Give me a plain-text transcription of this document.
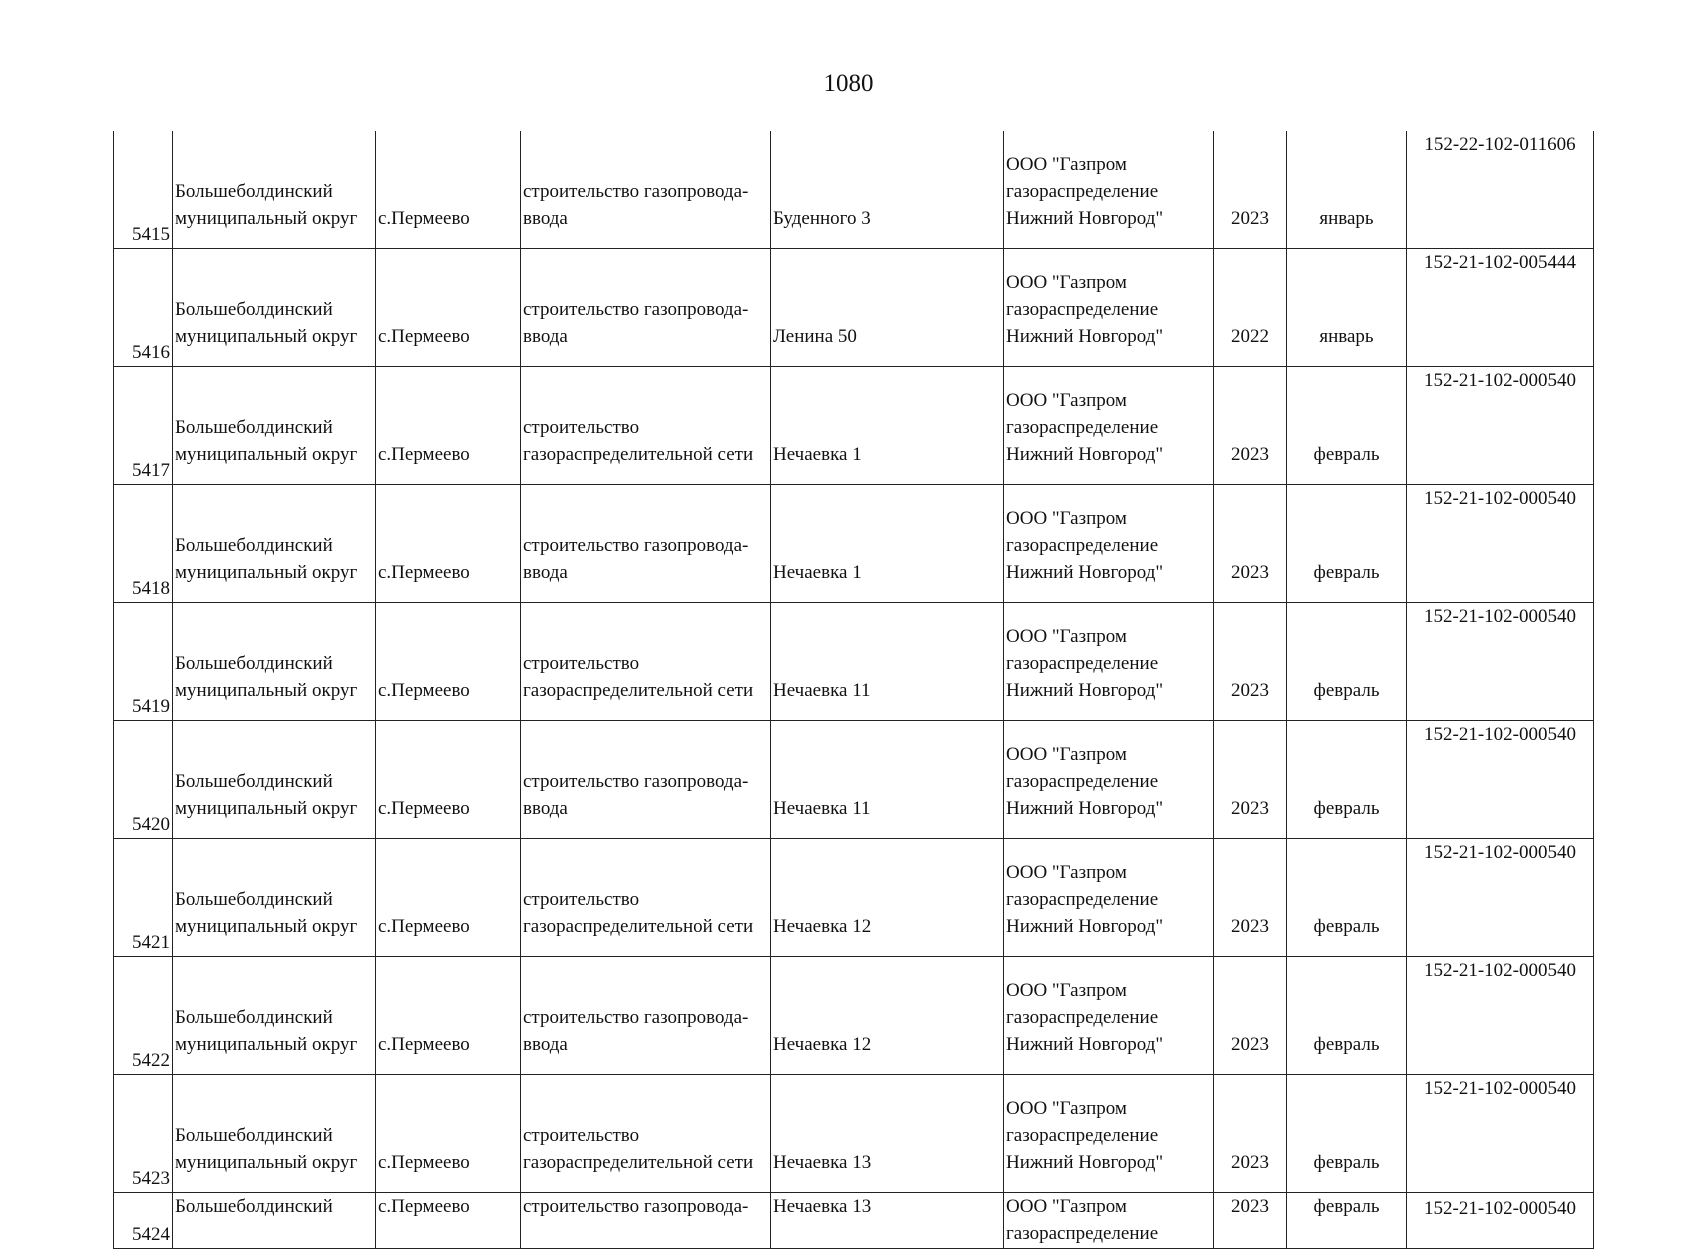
1080
5415	Большеболдинский
муниципальный округ	с.Пермеево	строительство газопровода-
ввода	Буденного 3	ООО "Газпром
газораспределение
Нижний Новгород"	2023	январь	152-22-102-011606
5416	Большеболдинский
муниципальный округ	с.Пермеево	строительство газопровода-
ввода	Ленина 50	ООО "Газпром
газораспределение
Нижний Новгород"	2022	январь	152-21-102-005444
5417	Большеболдинский
муниципальный округ	с.Пермеево	строительство
газораспределительной сети	Нечаевка 1	ООО "Газпром
газораспределение
Нижний Новгород"	2023	февраль	152-21-102-000540
5418	Большеболдинский
муниципальный округ	с.Пермеево	строительство газопровода-
ввода	Нечаевка 1	ООО "Газпром
газораспределение
Нижний Новгород"	2023	февраль	152-21-102-000540
5419	Большеболдинский
муниципальный округ	с.Пермеево	строительство
газораспределительной сети	Нечаевка 11	ООО "Газпром
газораспределение
Нижний Новгород"	2023	февраль	152-21-102-000540
5420	Большеболдинский
муниципальный округ	с.Пермеево	строительство газопровода-
ввода	Нечаевка 11	ООО "Газпром
газораспределение
Нижний Новгород"	2023	февраль	152-21-102-000540
5421	Большеболдинский
муниципальный округ	с.Пермеево	строительство
газораспределительной сети	Нечаевка 12	ООО "Газпром
газораспределение
Нижний Новгород"	2023	февраль	152-21-102-000540
5422	Большеболдинский
муниципальный округ	с.Пермеево	строительство газопровода-
ввода	Нечаевка 12	ООО "Газпром
газораспределение
Нижний Новгород"	2023	февраль	152-21-102-000540
5423	Большеболдинский
муниципальный округ	с.Пермеево	строительство
газораспределительной сети	Нечаевка 13	ООО "Газпром
газораспределение
Нижний Новгород"	2023	февраль	152-21-102-000540
5424	Большеболдинский	с.Пермеево	строительство газопровода-	Нечаевка 13	ООО "Газпром
газораспределение	2023	февраль	152-21-102-000540
